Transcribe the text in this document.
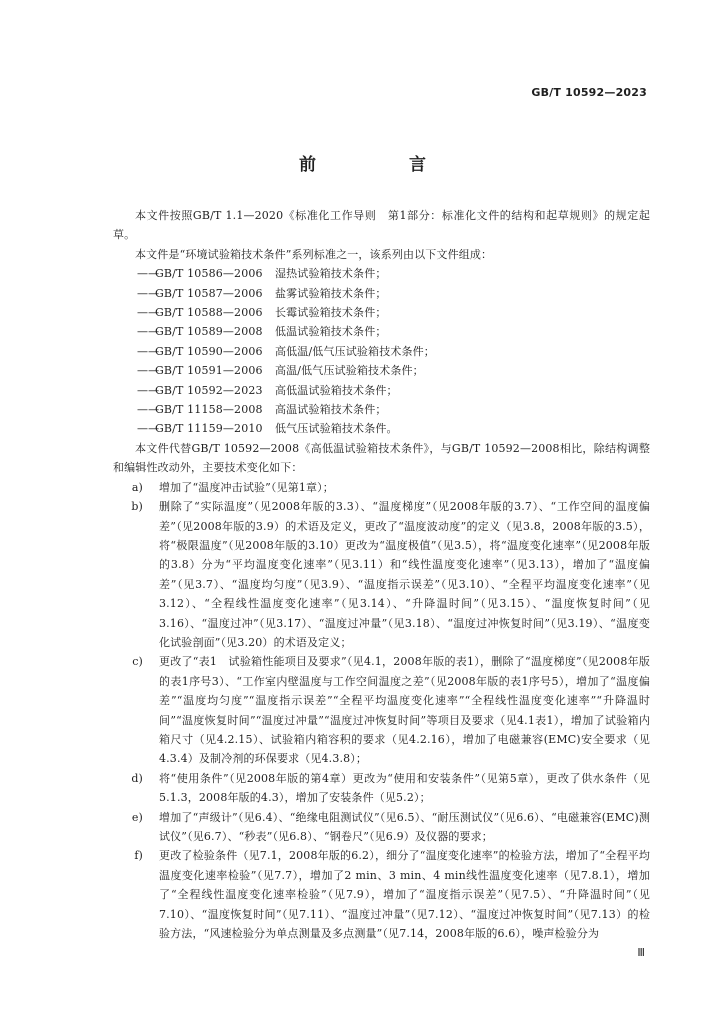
GB/T 10592—2023
前　言

本文件按照GB/T 1.1—2020《标准化工作导则　第1部分：标准化文件的结构和起草规则》的规定起草。

本文件是“环境试验箱技术条件”系列标准之一，该系列由以下文件组成：

——GB/T 10586—2006 湿热试验箱技术条件；
——GB/T 10587—2006 盐雾试验箱技术条件；
——GB/T 10588—2006 长霉试验箱技术条件；
——GB/T 10589—2008 低温试验箱技术条件；
——GB/T 10590—2006 高低温/低气压试验箱技术条件；
——GB/T 10591—2006 高温/低气压试验箱技术条件；
——GB/T 10592—2023 高低温试验箱技术条件；
——GB/T 11158—2008 高温试验箱技术条件；
——GB/T 11159—2010 低气压试验箱技术条件。

本文件代替GB/T 10592—2008《高低温试验箱技术条件》，与GB/T 10592—2008相比，除结构调整和编辑性改动外，主要技术变化如下：

a) 增加了“温度冲击试验”（见第1章）；
b) 删除了“实际温度”（见2008年版的3.3）、“温度梯度”（见2008年版的3.7）、“工作空间的温度偏差”（见2008年版的3.9）的术语及定义，更改了“温度波动度”的定义（见3.8，2008年版的3.5），将“极限温度”（见2008年版的3.10）更改为“温度极值”（见3.5），将“温度变化速率”（见2008年版的3.8）分为“平均温度变化速率”（见3.11）和“线性温度变化速率”（见3.13），增加了“温度偏差”（见3.7）、“温度均匀度”（见3.9）、“温度指示误差”（见3.10）、“全程平均温度变化速率”（见3.12）、“全程线性温度变化速率”（见3.14）、“升降温时间”（见3.15）、“温度恢复时间”（见3.16）、“温度过冲”（见3.17）、“温度过冲量”（见3.18）、“温度过冲恢复时间”（见3.19）、“温度变化试验剖面”（见3.20）的术语及定义；
c) 更改了“表1　试验箱性能项目及要求”（见4.1，2008年版的表1），删除了“温度梯度”（见2008年版的表1序号3）、“工作室内壁温度与工作空间温度之差”（见2008年版的表1序号5），增加了“温度偏差”“温度均匀度”“温度指示误差”“全程平均温度变化速率”“全程线性温度变化速率”“升降温时间”“温度恢复时间”“温度过冲量”“温度过冲恢复时间”等项目及要求（见4.1表1），增加了试验箱内箱尺寸（见4.2.15）、试验箱内箱容积的要求（见4.2.16），增加了电磁兼容(EMC)安全要求（见4.3.4）及制冷剂的环保要求（见4.3.8）；
d) 将“使用条件”（见2008年版的第4章）更改为“使用和安装条件”（见第5章），更改了供水条件（见5.1.3，2008年版的4.3），增加了安装条件（见5.2）；
e) 增加了“声级计”（见6.4）、“绝缘电阻测试仪”（见6.5）、“耐压测试仪”（见6.6）、“电磁兼容(EMC)测试仪”（见6.7）、“秒表”（见6.8）、“钢卷尺”（见6.9）及仪器的要求；
f) 更改了检验条件（见7.1，2008年版的6.2），细分了“温度变化速率”的检验方法，增加了“全程平均温度变化速率检验”（见7.7），增加了2 min、3 min、4 min线性温度变化速率（见7.8.1），增加了“全程线性温度变化速率检验”（见7.9），增加了“温度指示误差”（见7.5）、“升降温时间”（见7.10）、“温度恢复时间”（见7.11）、“温度过冲量”（见7.12）、“温度过冲恢复时间”（见7.13）的检验方法，“风速检验分为单点测量及多点测量”（见7.14，2008年版的6.6），噪声检验分为
Ⅲ
